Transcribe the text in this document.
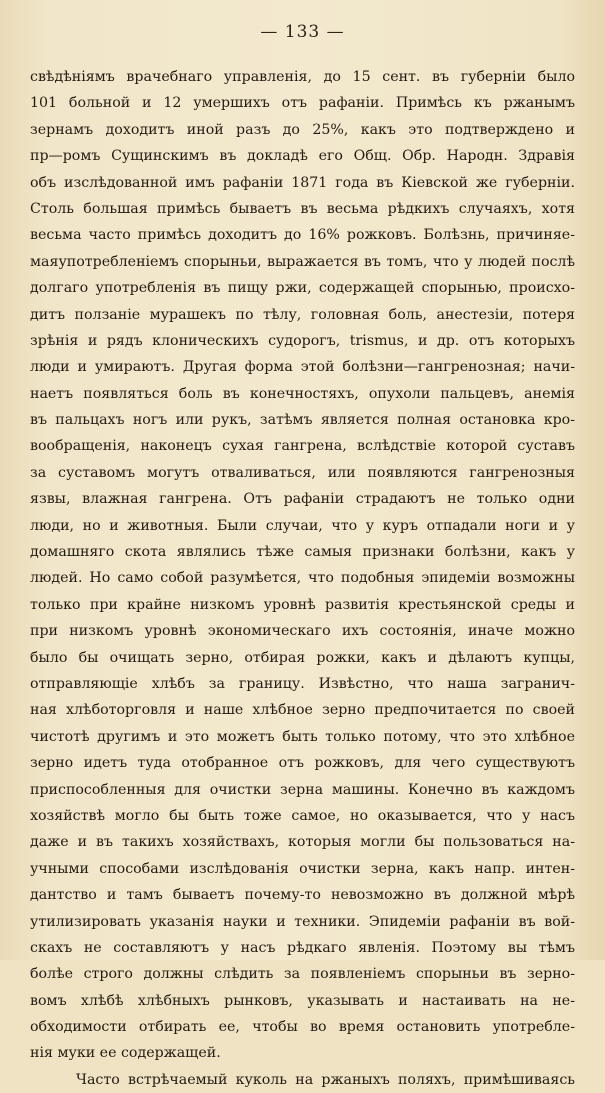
— 133 —
свѣдѣніямъ врачебнаго управленія, до 15 сент. въ губерніи было
101 больной и 12 умершихъ отъ рафаніи. Примѣсь къ ржанымъ
зернамъ доходитъ иной разъ до 25%, какъ это подтверждено и
пр—ромъ Сущинскимъ въ докладѣ его Общ. Обр. Народн. Здравія
объ изслѣдованной имъ рафаніи 1871 года въ Кіевской же губерніи.
Столь большая примѣсь бываетъ въ весьма рѣдкихъ случаяхъ, хотя
весьма часто примѣсь доходитъ до 16% рожковъ. Болѣзнь, причиняе-
маяупотребленіемъ спорыньи, выражается въ томъ, что у людей послѣ
долгаго употребленія въ пищу ржи, содержащей спорынью, происхо-
дитъ ползаніе мурашекъ по тѣлу, головная боль, анестезіи, потеря
зрѣнія и рядъ клоническихъ судорогъ, trismus, и др. отъ которыхъ
люди и умираютъ. Другая форма этой болѣзни—гангренозная; начи-
наетъ появляться боль въ конечностяхъ, опухоли пальцевъ, анемія
въ пальцахъ ногъ или рукъ, затѣмъ является полная остановка кро-
вообращенія, наконецъ сухая гангрена, вслѣдствіе которой суставъ
за суставомъ могутъ отваливаться, или появляются гангренозныя
язвы, влажная гангрена. Отъ рафаніи страдаютъ не только одни
люди, но и животныя. Были случаи, что у куръ отпадали ноги и у
домашняго скота являлись тѣже самыя признаки болѣзни, какъ у
людей. Но само собой разумѣется, что подобныя эпидеміи возможны
только при крайне низкомъ уровнѣ развитія крестьянской среды и
при низкомъ уровнѣ экономическаго ихъ состоянія, иначе можно
было бы очищать зерно, отбирая рожки, какъ и дѣлаютъ купцы,
отправляющіе хлѣбъ за границу. Извѣстно, что наша загранич-
ная хлѣботорговля и наше хлѣбное зерно предпочитается по своей
чистотѣ другимъ и это можетъ быть только потому, что это хлѣбное
зерно идетъ туда отобранное отъ рожковъ, для чего существуютъ
приспособленныя для очистки зерна машины. Конечно въ каждомъ
хозяйствѣ могло бы быть тоже самое, но оказывается, что у насъ
даже и въ такихъ хозяйствахъ, которыя могли бы пользоваться на-
учными способами изслѣдованія очистки зерна, какъ напр. интен-
дантство и тамъ бываетъ почему-то невозможно въ должной мѣрѣ
утилизировать указанія науки и техники. Эпидеміи рафаніи въ вой-
скахъ не составляютъ у насъ рѣдкаго явленія. Поэтому вы тѣмъ
болѣе строго должны слѣдить за появленіемъ спорыньи въ зерно-
вомъ хлѣбѣ хлѣбныхъ рынковъ, указывать и настаивать на не-
обходимости отбирать ее, чтобы во время остановить употребле-
нія муки ее содержащей.
Часто встрѣчаемый куколь на ржаныхъ поляхъ, примѣшиваясь
